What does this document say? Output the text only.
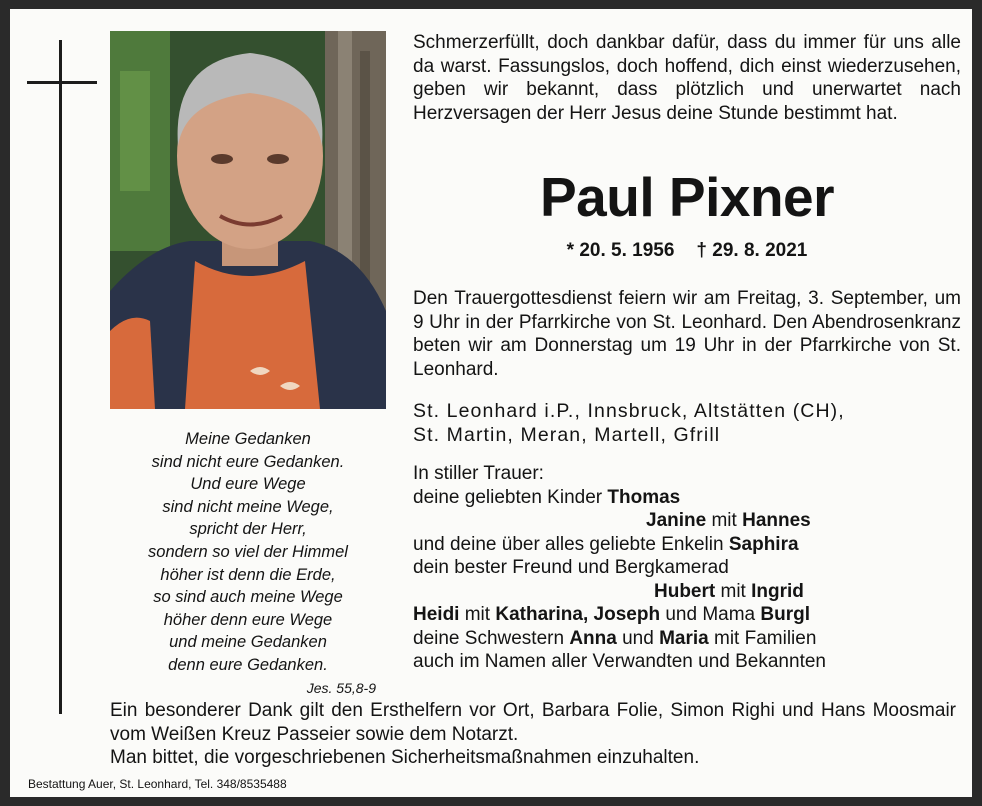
Meine Gedanken
sind nicht eure Gedanken.
Und eure Wege
sind nicht meine Wege,
spricht der Herr,
sondern so viel der Himmel
höher ist denn die Erde,
so sind auch meine Wege
höher denn eure Wege
und meine Gedanken
denn eure Gedanken.
Jes. 55,8-9
Schmerzerfüllt, doch dankbar dafür, dass du immer für uns alle da warst. Fassungslos, doch hoffend, dich einst wiederzusehen, geben wir bekannt, dass plötzlich und unerwartet nach Herzversagen der Herr Jesus deine Stunde bestimmt hat.
Paul Pixner
* 20. 5. 1956 † 29. 8. 2021
Den Trauergottesdienst feiern wir am Freitag, 3. September, um 9 Uhr in der Pfarrkirche von St. Leonhard. Den Abendrosenkranz beten wir am Donnerstag um 19 Uhr in der Pfarrkirche von St. Leonhard.
St. Leonhard i.P., Innsbruck, Altstätten (CH),
St. Martin, Meran, Martell, Gfrill
In stiller Trauer:
deine geliebten Kinder Thomas
Janine mit Hannes
und deine über alles geliebte Enkelin Saphira
dein bester Freund und Bergkamerad
Hubert mit Ingrid
Heidi mit Katharina, Joseph und Mama Burgl
deine Schwestern Anna und Maria mit Familien
auch im Namen aller Verwandten und Bekannten
Ein besonderer Dank gilt den Ersthelfern vor Ort, Barbara Folie, Simon Righi und Hans Moosmair vom Weißen Kreuz Passeier sowie dem Notarzt.
Man bittet, die vorgeschriebenen Sicherheitsmaßnahmen einzuhalten.
Bestattung Auer, St. Leonhard, Tel. 348/8535488
